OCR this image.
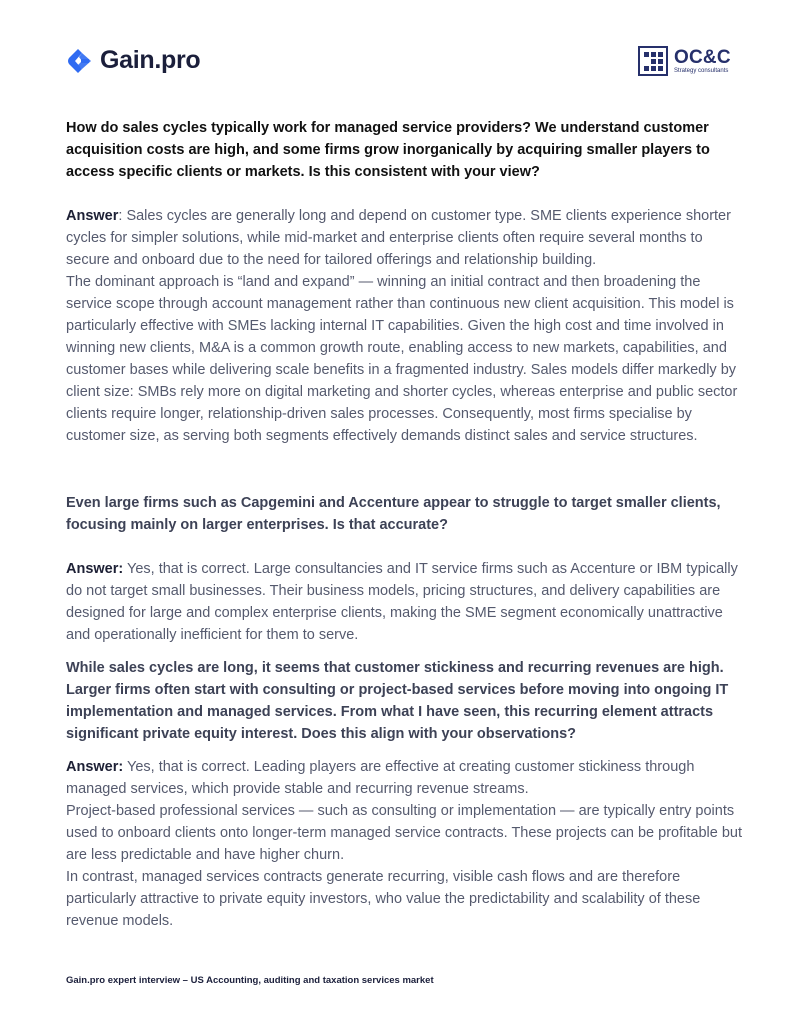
Gain.pro	OC&C
Strategy consultants

How do sales cycles typically work for managed service providers? We understand customer acquisition costs are high, and some firms grow inorganically by acquiring smaller players to access specific clients or markets. Is this consistent with your view?

Answer: Sales cycles are generally long and depend on customer type. SME clients experience shorter cycles for simpler solutions, while mid-market and enterprise clients often require several months to secure and onboard due to the need for tailored offerings and relationship building.

The dominant approach is “land and expand” — winning an initial contract and then broadening the service scope through account management rather than continuous new client acquisition. This model is particularly effective with SMEs lacking internal IT capabilities. Given the high cost and time involved in winning new clients, M&A is a common growth route, enabling access to new markets, capabilities, and customer bases while delivering scale benefits in a fragmented industry. Sales models differ markedly by client size: SMBs rely more on digital marketing and shorter cycles, whereas enterprise and public sector clients require longer, relationship-driven sales processes. Consequently, most firms specialise by customer size, as serving both segments effectively demands distinct sales and service structures.

Even large firms such as Capgemini and Accenture appear to struggle to target smaller clients, focusing mainly on larger enterprises. Is that accurate?

Answer: Yes, that is correct. Large consultancies and IT service firms such as Accenture or IBM typically do not target small businesses. Their business models, pricing structures, and delivery capabilities are designed for large and complex enterprise clients, making the SME segment economically unattractive and operationally inefficient for them to serve.

While sales cycles are long, it seems that customer stickiness and recurring revenues are high. Larger firms often start with consulting or project-based services before moving into ongoing IT implementation and managed services. From what I have seen, this recurring element attracts significant private equity interest. Does this align with your observations?

Answer: Yes, that is correct. Leading players are effective at creating customer stickiness through managed services, which provide stable and recurring revenue streams.

Project-based professional services — such as consulting or implementation — are typically entry points used to onboard clients onto longer-term managed service contracts. These projects can be profitable but are less predictable and have higher churn.

In contrast, managed services contracts generate recurring, visible cash flows and are therefore particularly attractive to private equity investors, who value the predictability and scalability of these revenue models.

Gain.pro expert interview – US Accounting, auditing and taxation services market
